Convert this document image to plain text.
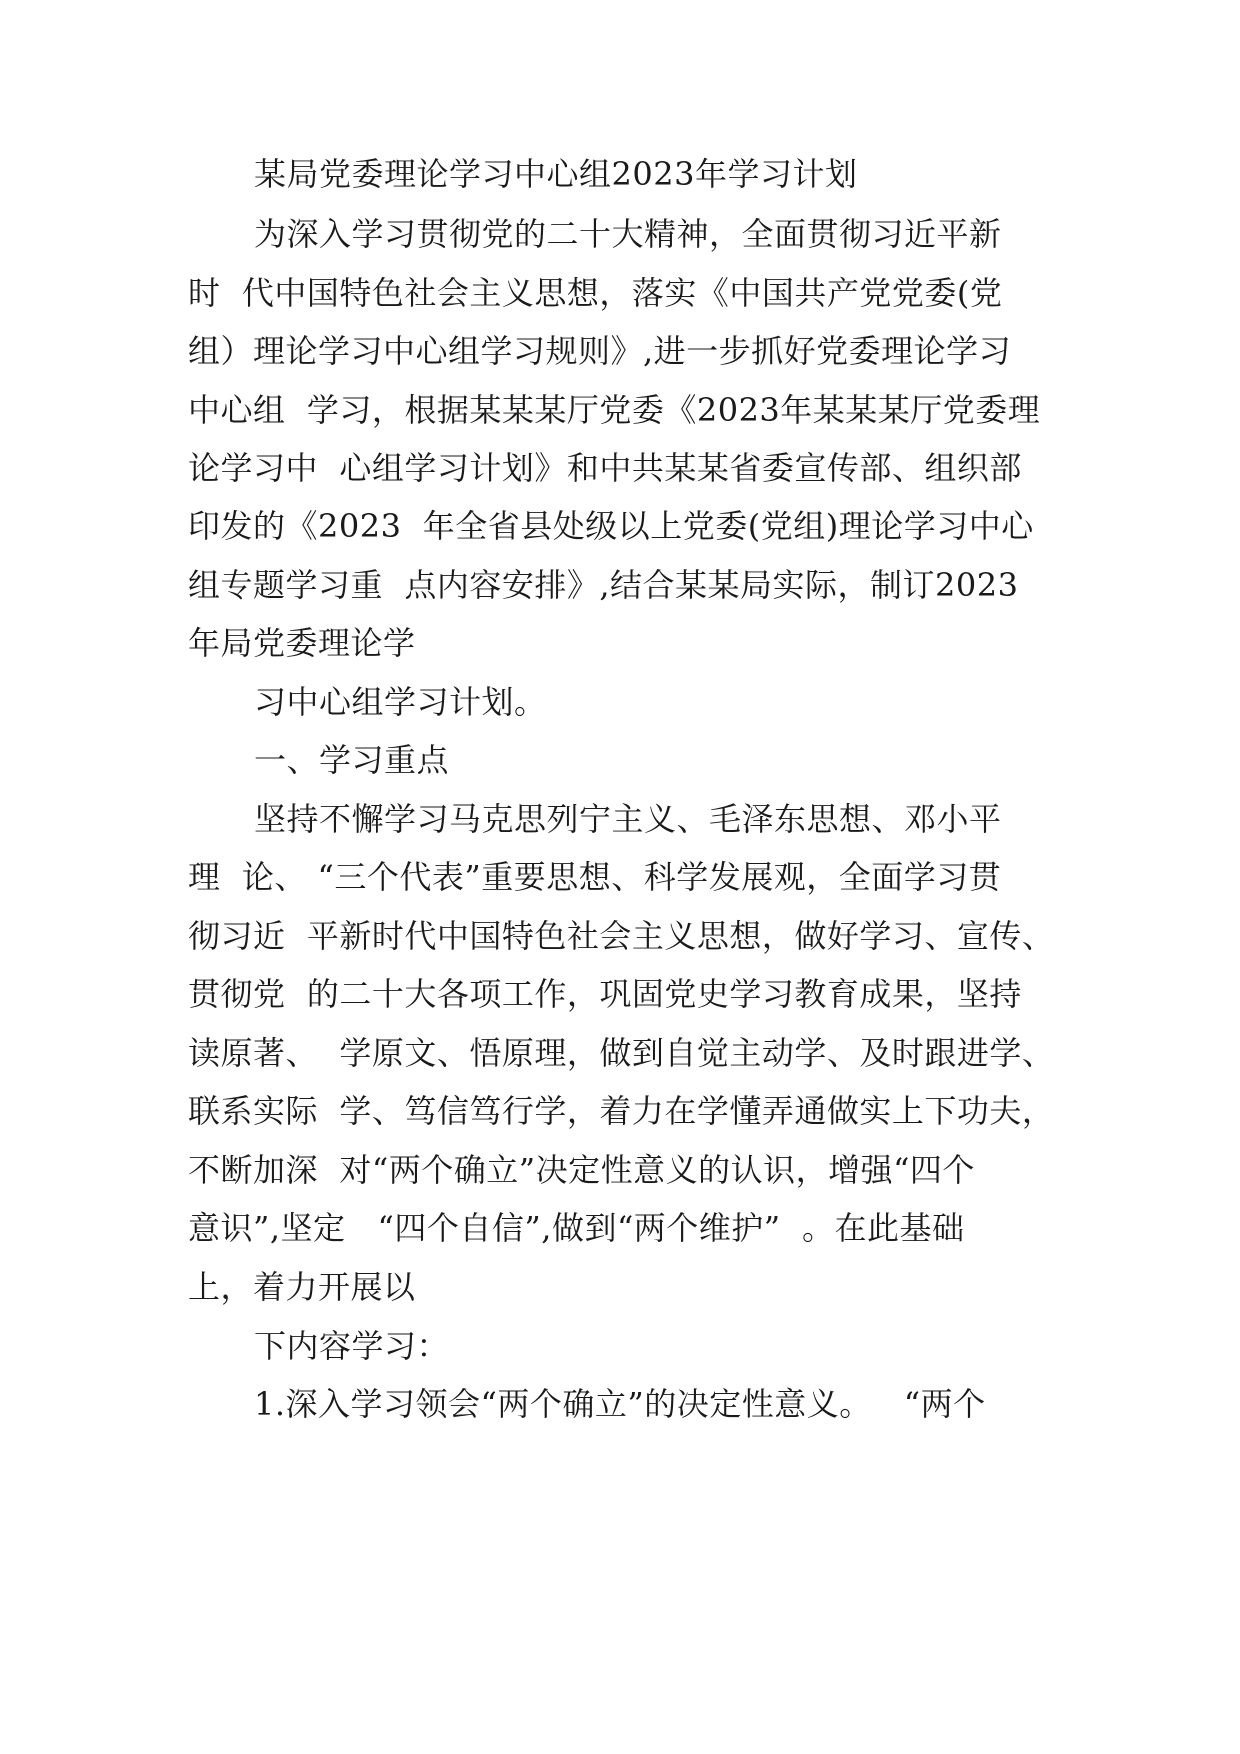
某局党委理论学习中心组2023年学习计划
为深入学习贯彻党的二十大精神，全面贯彻习近平新
时  代中国特色社会主义思想，落实《中国共产党党委(党
组）理论学习中心组学习规则》,进一步抓好党委理论学习
中心组  学习，根据某某某厅党委《2023年某某某厅党委理
论学习中  心组学习计划》和中共某某省委宣传部、组织部
印发的《2023  年全省县处级以上党委(党组)理论学习中心
组专题学习重  点内容安排》,结合某某局实际，制订2023
年局党委理论学
习中心组学习计划。
一、学习重点
坚持不懈学习马克思列宁主义、毛泽东思想、邓小平
理  论、 “三个代表”重要思想、科学发展观，全面学习贯
彻习近  平新时代中国特色社会主义思想，做好学习、宣传、
贯彻党  的二十大各项工作，巩固党史学习教育成果，坚持
读原著、  学原文、悟原理，做到自觉主动学、及时跟进学、
联系实际  学、笃信笃行学，着力在学懂弄通做实上下功夫，
不断加深  对“两个确立”决定性意义的认识，增强“四个
意识”,坚定   “四个自信”,做到“两个维护”  。在此基础
上，着力开展以
下内容学习：
1.深入学习领会“两个确立”的决定性意义。   “两个
